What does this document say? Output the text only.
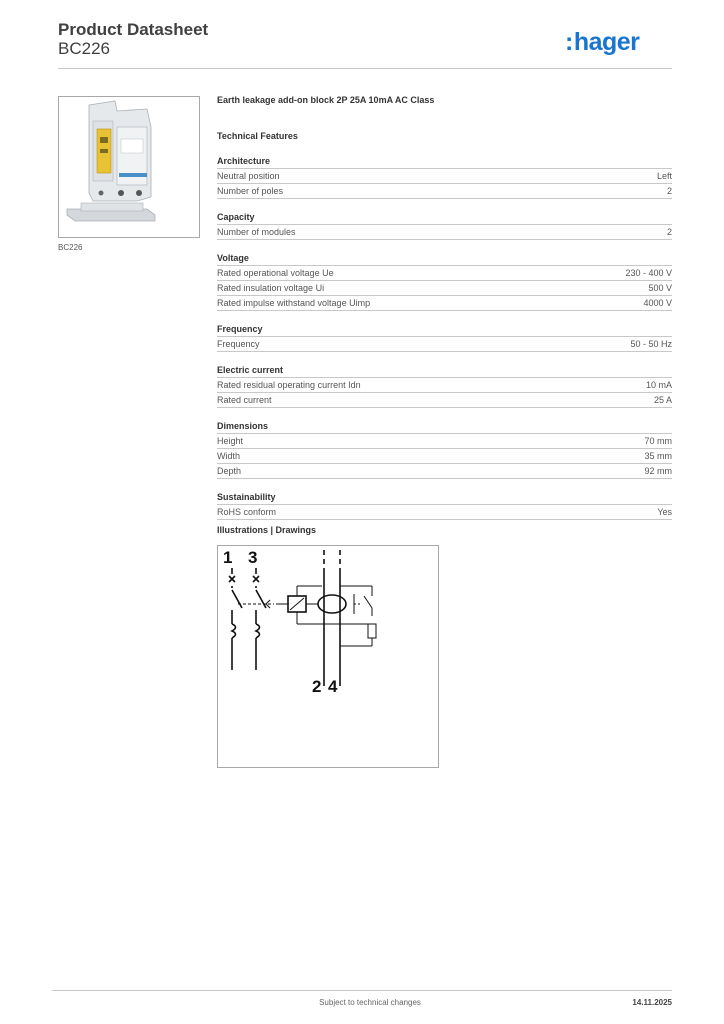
Product Datasheet
BC226	:hager
BC226
Earth leakage add-on block 2P 25A 10mA AC Class
Technical Features
Architecture
Neutral position	Left
Number of poles	2
Capacity
Number of modules	2
Voltage
Rated operational voltage Ue	230 - 400 V
Rated insulation voltage Ui	500 V
Rated impulse withstand voltage Uimp	4000 V
Frequency
Frequency	50 - 50 Hz
Electric current
Rated residual operating current Idn	10 mA
Rated current	25 A
Dimensions
Height	70 mm
Width	35 mm
Depth	92 mm
Sustainability
RoHS conform	Yes
Illustrations | Drawings
1 3
2 4
Subject to technical changes	14.11.2025
